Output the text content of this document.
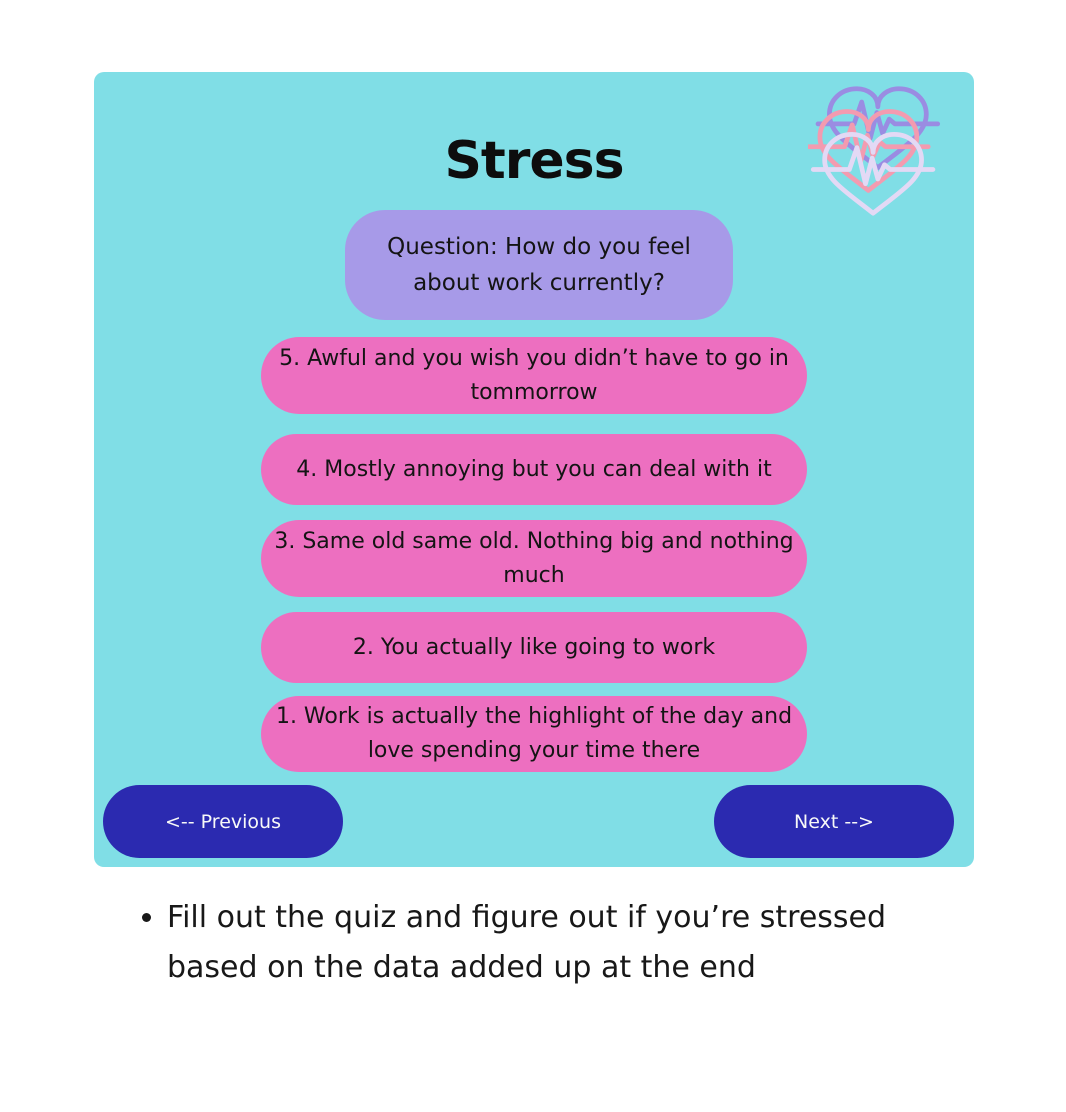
Stress
Question: How do you feel about work currently?
5. Awful and you wish you didn’t have to go in tommorrow
4. Mostly annoying but you can deal with it
3. Same old same old. Nothing big and nothing much
2. You actually like going to work
1. Work is actually the highlight of the day and love spending your time there
<-- Previous	Next -->
• Fill out the quiz and figure out if you’re stressed based on the data added up at the end
